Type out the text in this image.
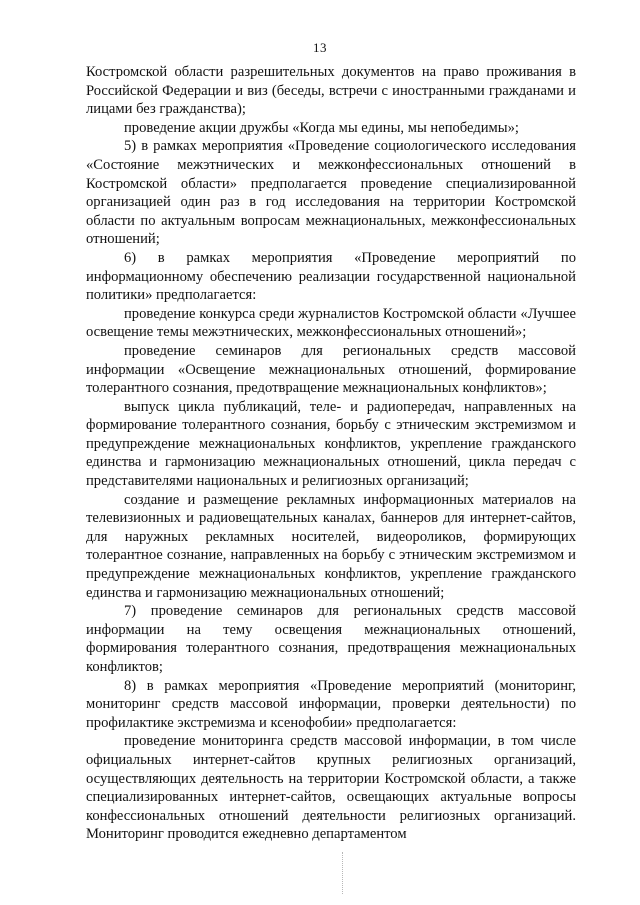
13

Костромской области разрешительных документов на право проживания в Российской Федерации и виз (беседы, встречи с иностранными гражданами и лицами без гражданства);

проведение акции дружбы «Когда мы едины, мы непобедимы»;

5) в рамках мероприятия «Проведение социологического исследования «Состояние межэтнических и межконфессиональных отношений в Костромской области» предполагается проведение специализированной организацией один раз в год исследования на территории Костромской области по актуальным вопросам межнациональных, межконфессиональных отношений;

6) в рамках мероприятия «Проведение мероприятий по информационному обеспечению реализации государственной национальной политики» предполагается:

проведение конкурса среди журналистов Костромской области «Лучшее освещение темы межэтнических, межконфессиональных отношений»;

проведение семинаров для региональных средств массовой информации «Освещение межнациональных отношений, формирование толерантного сознания, предотвращение межнациональных конфликтов»;

выпуск цикла публикаций, теле- и радиопередач, направленных на формирование толерантного сознания, борьбу с этническим экстремизмом и предупреждение межнациональных конфликтов, укрепление гражданского единства и гармонизацию межнациональных отношений, цикла передач с представителями национальных и религиозных организаций;

создание и размещение рекламных информационных материалов на телевизионных и радиовещательных каналах, баннеров для интернет-сайтов, для наружных рекламных носителей, видеороликов, формирующих толерантное сознание, направленных на борьбу с этническим экстремизмом и предупреждение межнациональных конфликтов, укрепление гражданского единства и гармонизацию межнациональных отношений;

7) проведение семинаров для региональных средств массовой информации на тему освещения межнациональных отношений, формирования толерантного сознания, предотвращения межнациональных конфликтов;

8) в рамках мероприятия «Проведение мероприятий (мониторинг, мониторинг средств массовой информации, проверки деятельности) по профилактике экстремизма и ксенофобии» предполагается:

проведение мониторинга средств массовой информации, в том числе официальных интернет-сайтов крупных религиозных организаций, осуществляющих деятельность на территории Костромской области, а также специализированных интернет-сайтов, освещающих актуальные вопросы конфессиональных отношений деятельности религиозных организаций. Мониторинг проводится ежедневно департаментом
